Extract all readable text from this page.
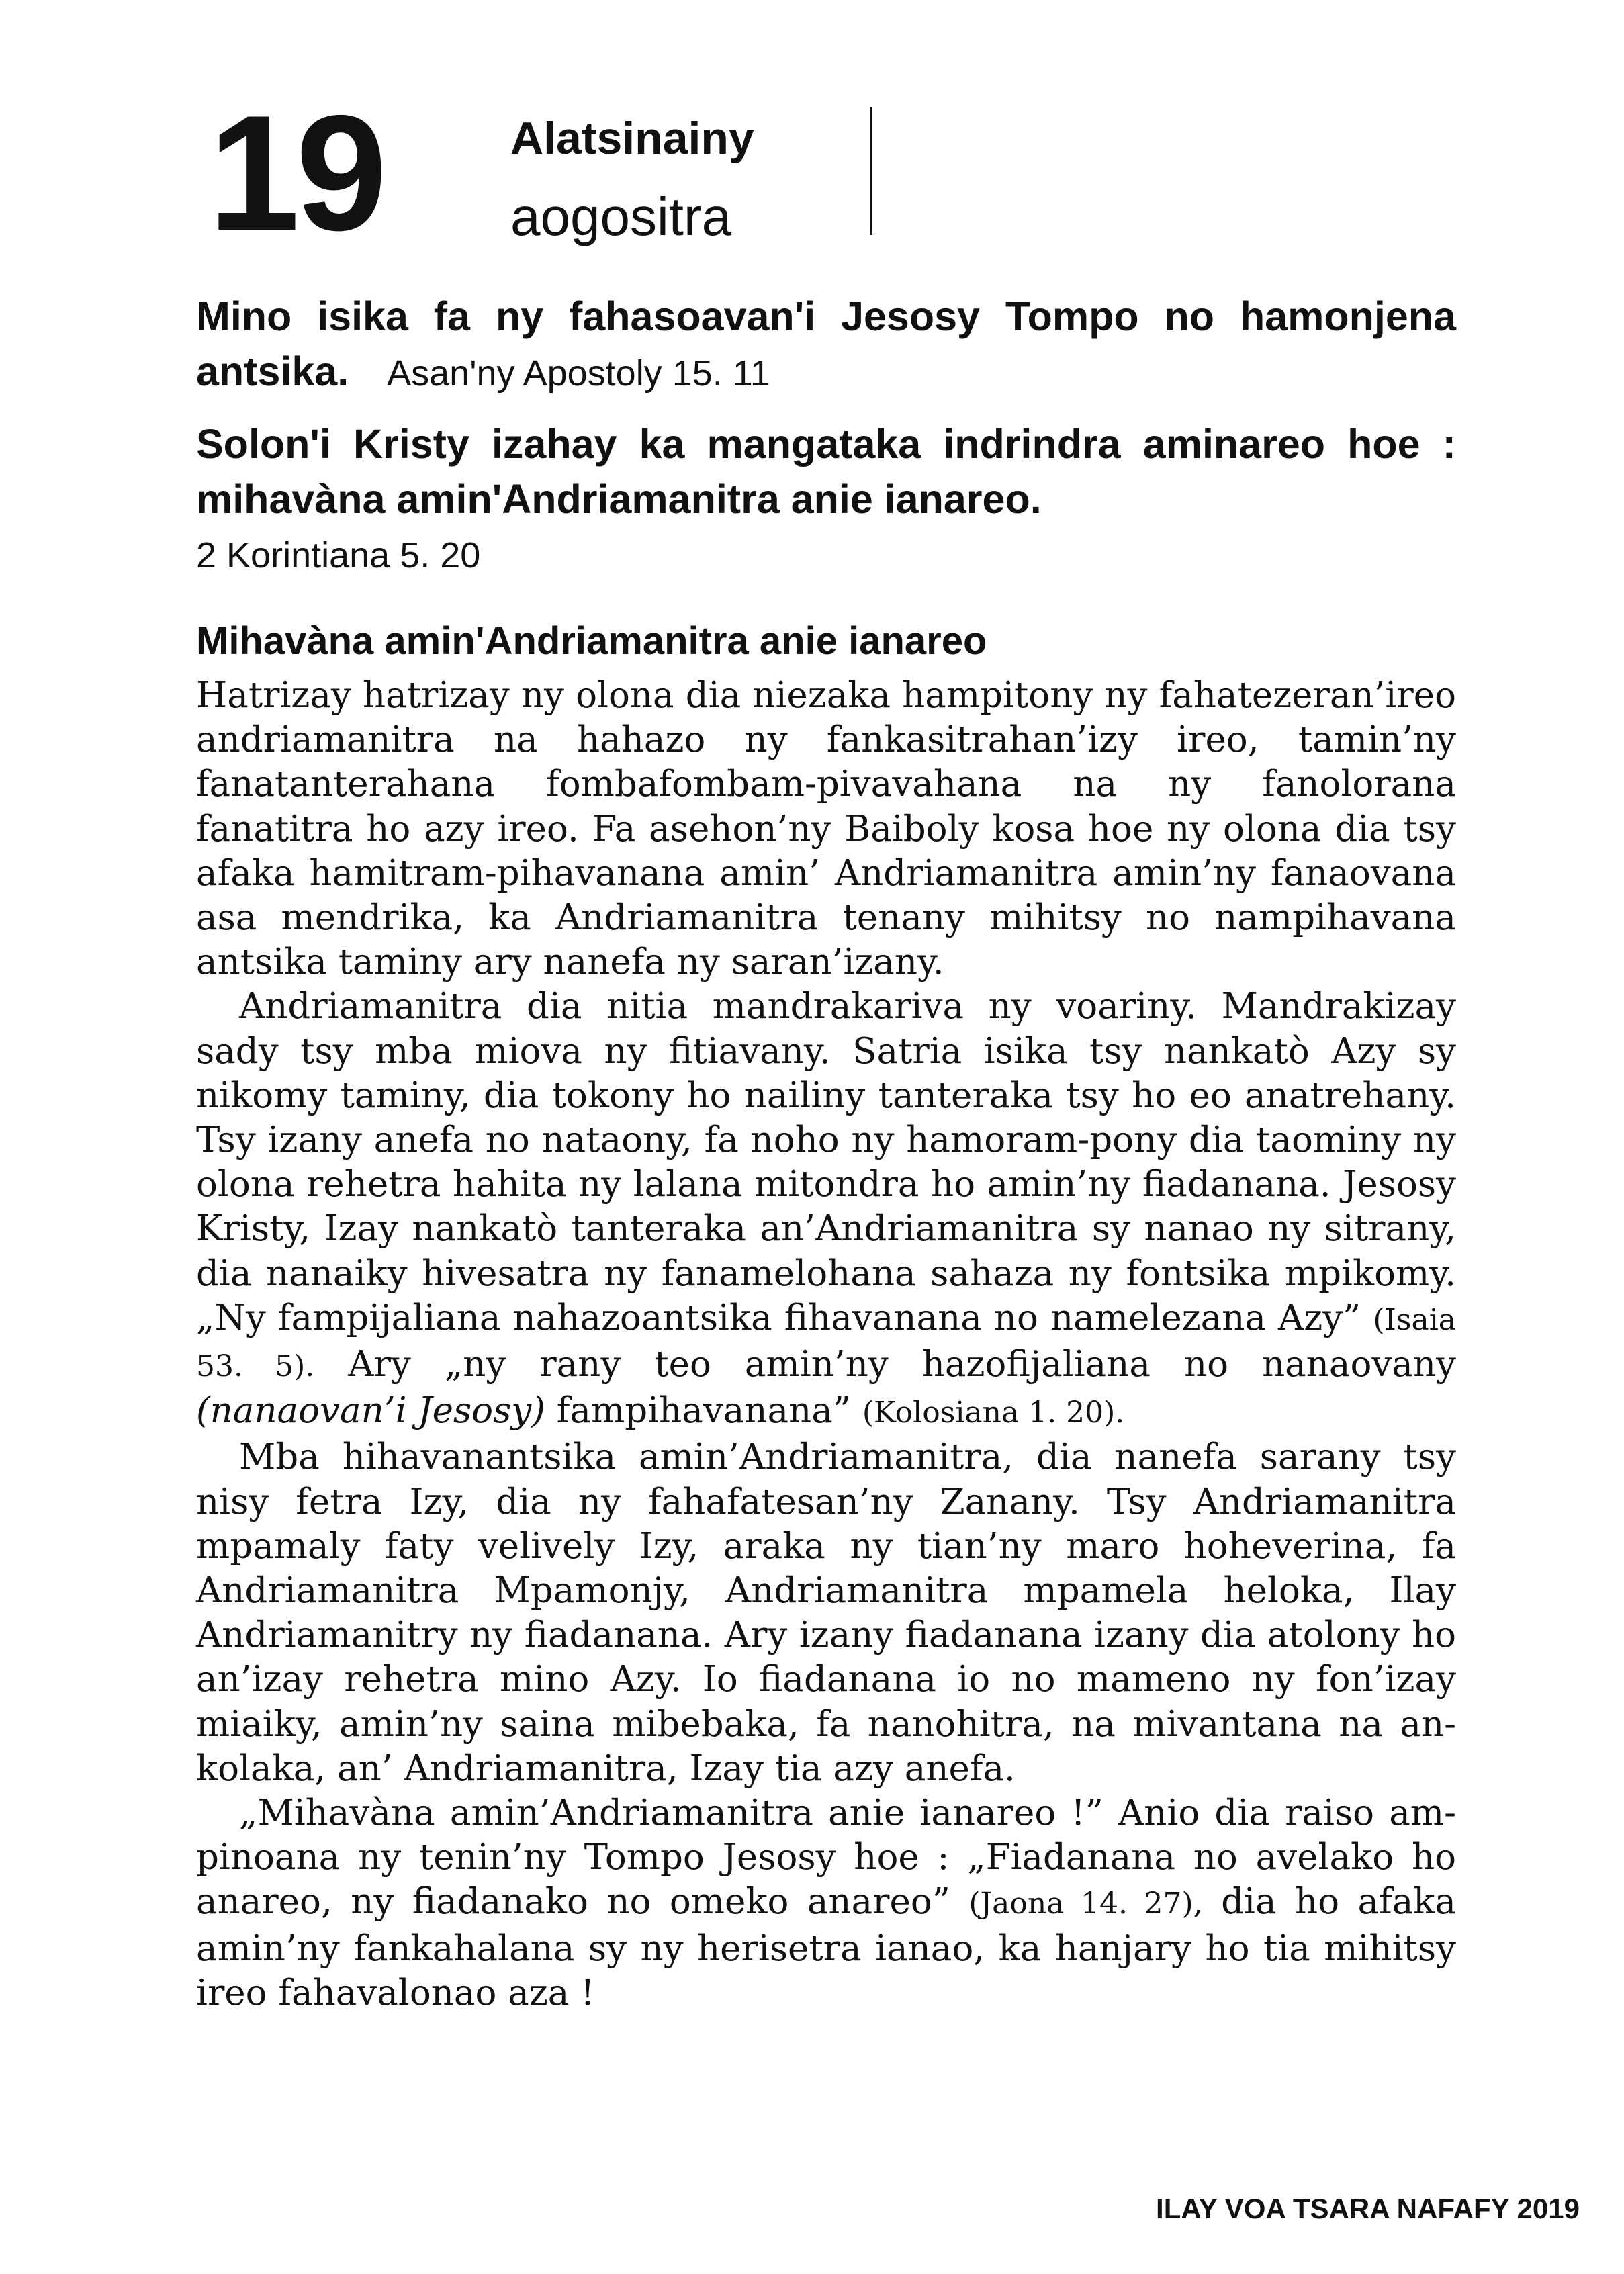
19	Alatsinainy
aogositra
Mino isika fa ny fahasoavan'i Jesosy Tompo no hamonjena antsika. Asan'ny Apostoly 15. 11
Solon'i Kristy izahay ka mangataka indrindra aminareo hoe : mihavàna amin'Andriamanitra anie ianareo.
2 Korintiana 5. 20
Mihavàna amin'Andriamanitra anie ianareo

Hatrizay hatrizay ny olona dia niezaka hampitony ny fahatezeran’ireo andriamanitra na hahazo ny fankasitrahan’izy ireo, tamin’ny fanatanterahana fombafombam-pivavahana na ny fanolorana fanatitra ho azy ireo. Fa asehon’ny Baiboly kosa hoe ny olona dia tsy afaka hamitram-pihavanana amin’ Andriamanitra amin’ny fanaovana asa mendrika, ka Andriamanitra tenany mihitsy no nampihavana antsika taminy ary nanefa ny saran’izany.

Andriamanitra dia nitia mandrakariva ny voariny. Mandrakizay sady tsy mba miova ny fitiavany. Satria isika tsy nankatò Azy sy nikomy taminy, dia tokony ho nailiny tanteraka tsy ho eo anatrehany. Tsy izany anefa no nataony, fa noho ny hamoram-pony dia taominy ny olona rehetra hahita ny lalana mitondra ho amin’ny fiadanana. Jesosy Kristy, Izay nankatò tanteraka an’Andriamanitra sy nanao ny sitrany, dia nanaiky hivesatra ny fanamelohana sahaza ny fontsika mpikomy. „Ny fampijaliana nahazoantsika fihavanana no namelezana Azy” (Isaia 53. 5). Ary „ny rany teo amin’ny hazofijaliana no nanaovany (nanaovan’i Jesosy) fampihavanana” (Kolosiana 1. 20).

Mba hihavanantsika amin’Andriamanitra, dia nanefa sarany tsy nisy fetra Izy, dia ny fahafatesan’ny Zanany. Tsy Andriamanitra mpamaly faty velively Izy, araka ny tian’ny maro hoheverina, fa Andriamanitra Mpamonjy, Andriamanitra mpamela heloka, Ilay Andriamanitry ny fiadanana. Ary izany fiadanana izany dia atolony ho an’izay rehetra mino Azy. Io fiadanana io no mameno ny fon’izay miaiky, amin’ny saina mibebaka, fa nanohitra, na mivantana na an-kolaka, an’ Andriamanitra, Izay tia azy anefa.

„Mihavàna amin’Andriamanitra anie ianareo !” Anio dia raiso am-pinoana ny tenin’ny Tompo Jesosy hoe : „Fiadanana no avelako ho anareo, ny fiadanako no omeko anareo” (Jaona 14. 27), dia ho afaka amin’ny fankahalana sy ny herisetra ianao, ka hanjary ho tia mihitsy ireo fahavalonao aza !

ILAY VOA TSARA NAFAFY 2019
